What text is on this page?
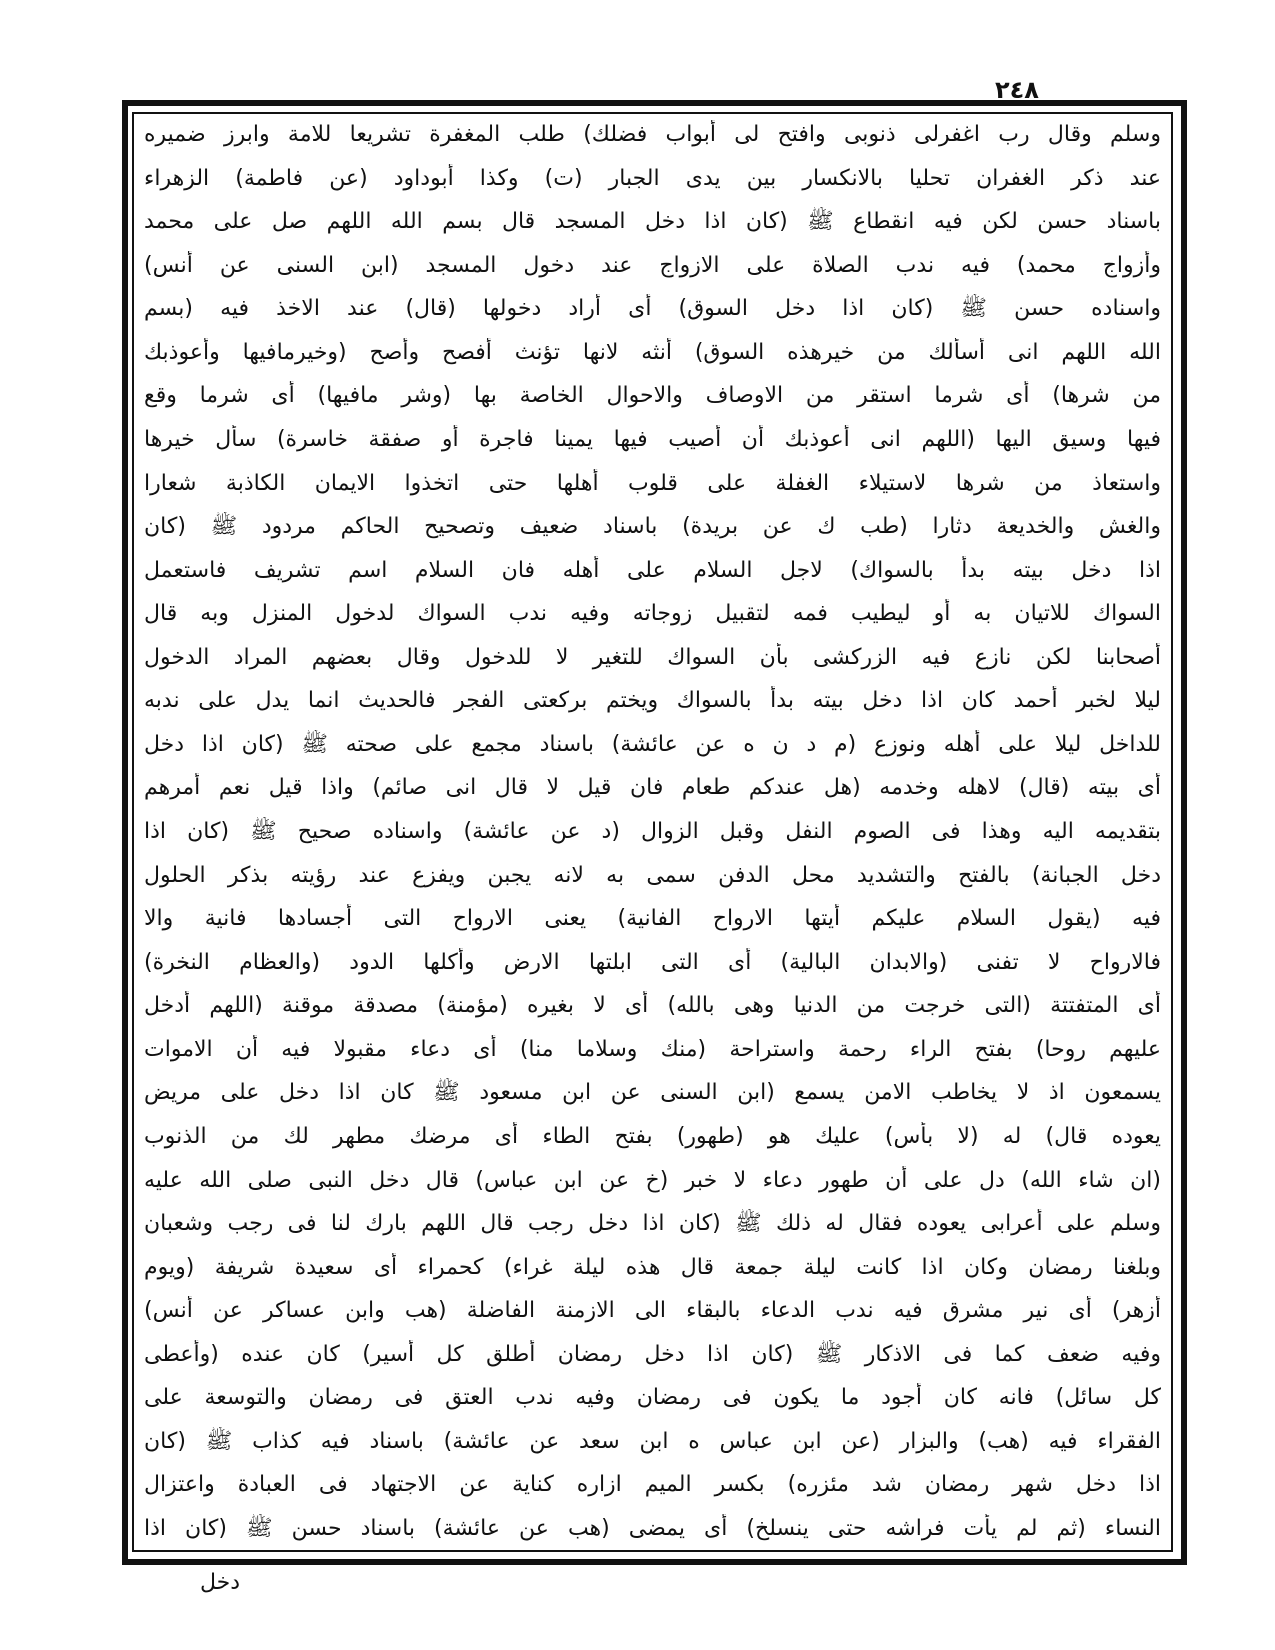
٢٤٨
وسلم وقال رب اغفرلى ذنوبى وافتح لى أبواب فضلك) طلب المغفرة تشريعا للامة وابرز ضميره
عند ذكر الغفران تحليا بالانكسار بين يدى الجبار (ت) وكذا أبوداود (عن فاطمة) الزهراء
باسناد حسن لكن فيه انقطاع ﷺ (كان اذا دخل المسجد قال بسم الله اللهم صل على محمد
وأزواج محمد) فيه ندب الصلاة على الازواج عند دخول المسجد (ابن السنى عن أنس)
واسناده حسن ﷺ (كان اذا دخل السوق) أى أراد دخولها (قال) عند الاخذ فيه (بسم
الله اللهم انى أسألك من خيرهذه السوق) أنثه لانها تؤنث أفصح وأصح (وخيرمافيها وأعوذبك
من شرها) أى شرما استقر من الاوصاف والاحوال الخاصة بها (وشر مافيها) أى شرما وقع
فيها وسيق اليها (اللهم انى أعوذبك أن أصيب فيها يمينا فاجرة أو صفقة خاسرة) سأل خيرها
واستعاذ من شرها لاستيلاء الغفلة على قلوب أهلها حتى اتخذوا الايمان الكاذبة شعارا
والغش والخديعة دثارا (طب ك عن بريدة) باسناد ضعيف وتصحيح الحاكم مردود ﷺ (كان
اذا دخل بيته بدأ بالسواك) لاجل السلام على أهله فان السلام اسم تشريف فاستعمل
السواك للاتيان به أو ليطيب فمه لتقبيل زوجاته وفيه ندب السواك لدخول المنزل وبه قال
أصحابنا لكن نازع فيه الزركشى بأن السواك للتغير لا للدخول وقال بعضهم المراد الدخول
ليلا لخبر أحمد كان اذا دخل بيته بدأ بالسواك ويختم بركعتى الفجر فالحديث انما يدل على ندبه
للداخل ليلا على أهله ونوزع (م د ن ه عن عائشة) باسناد مجمع على صحته ﷺ (كان اذا دخل
أى بيته (قال) لاهله وخدمه (هل عندكم طعام فان قيل لا قال انى صائم) واذا قيل نعم أمرهم
بتقديمه اليه وهذا فى الصوم النفل وقبل الزوال (د عن عائشة) واسناده صحيح ﷺ (كان اذا
دخل الجبانة) بالفتح والتشديد محل الدفن سمى به لانه يجبن ويفزع عند رؤيته بذكر الحلول
فيه (يقول السلام عليكم أيتها الارواح الفانية) يعنى الارواح التى أجسادها فانية والا
فالارواح لا تفنى (والابدان البالية) أى التى ابلتها الارض وأكلها الدود (والعظام النخرة)
أى المتفتتة (التى خرجت من الدنيا وهى بالله) أى لا بغيره (مؤمنة) مصدقة موقنة (اللهم أدخل
عليهم روحا) بفتح الراء رحمة واستراحة (منك وسلاما منا) أى دعاء مقبولا فيه أن الاموات
يسمعون اذ لا يخاطب الامن يسمع (ابن السنى عن ابن مسعود ﷺ كان اذا دخل على مريض
يعوده قال) له (لا بأس) عليك هو (طهور) بفتح الطاء أى مرضك مطهر لك من الذنوب
(ان شاء الله) دل على أن طهور دعاء لا خبر (خ عن ابن عباس) قال دخل النبى صلى الله عليه
وسلم على أعرابى يعوده فقال له ذلك ﷺ (كان اذا دخل رجب قال اللهم بارك لنا فى رجب وشعبان
وبلغنا رمضان وكان اذا كانت ليلة جمعة قال هذه ليلة غراء) كحمراء أى سعيدة شريفة (ويوم
أزهر) أى نير مشرق فيه ندب الدعاء بالبقاء الى الازمنة الفاضلة (هب وابن عساكر عن أنس)
وفيه ضعف كما فى الاذكار ﷺ (كان اذا دخل رمضان أطلق كل أسير) كان عنده (وأعطى
كل سائل) فانه كان أجود ما يكون فى رمضان وفيه ندب العتق فى رمضان والتوسعة على
الفقراء فيه (هب) والبزار (عن ابن عباس ه ابن سعد عن عائشة) باسناد فيه كذاب ﷺ (كان
اذا دخل شهر رمضان شد مئزره) بكسر الميم ازاره كناية عن الاجتهاد فى العبادة واعتزال
النساء (ثم لم يأت فراشه حتى ينسلخ) أى يمضى (هب عن عائشة) باسناد حسن ﷺ (كان اذا
دخل
